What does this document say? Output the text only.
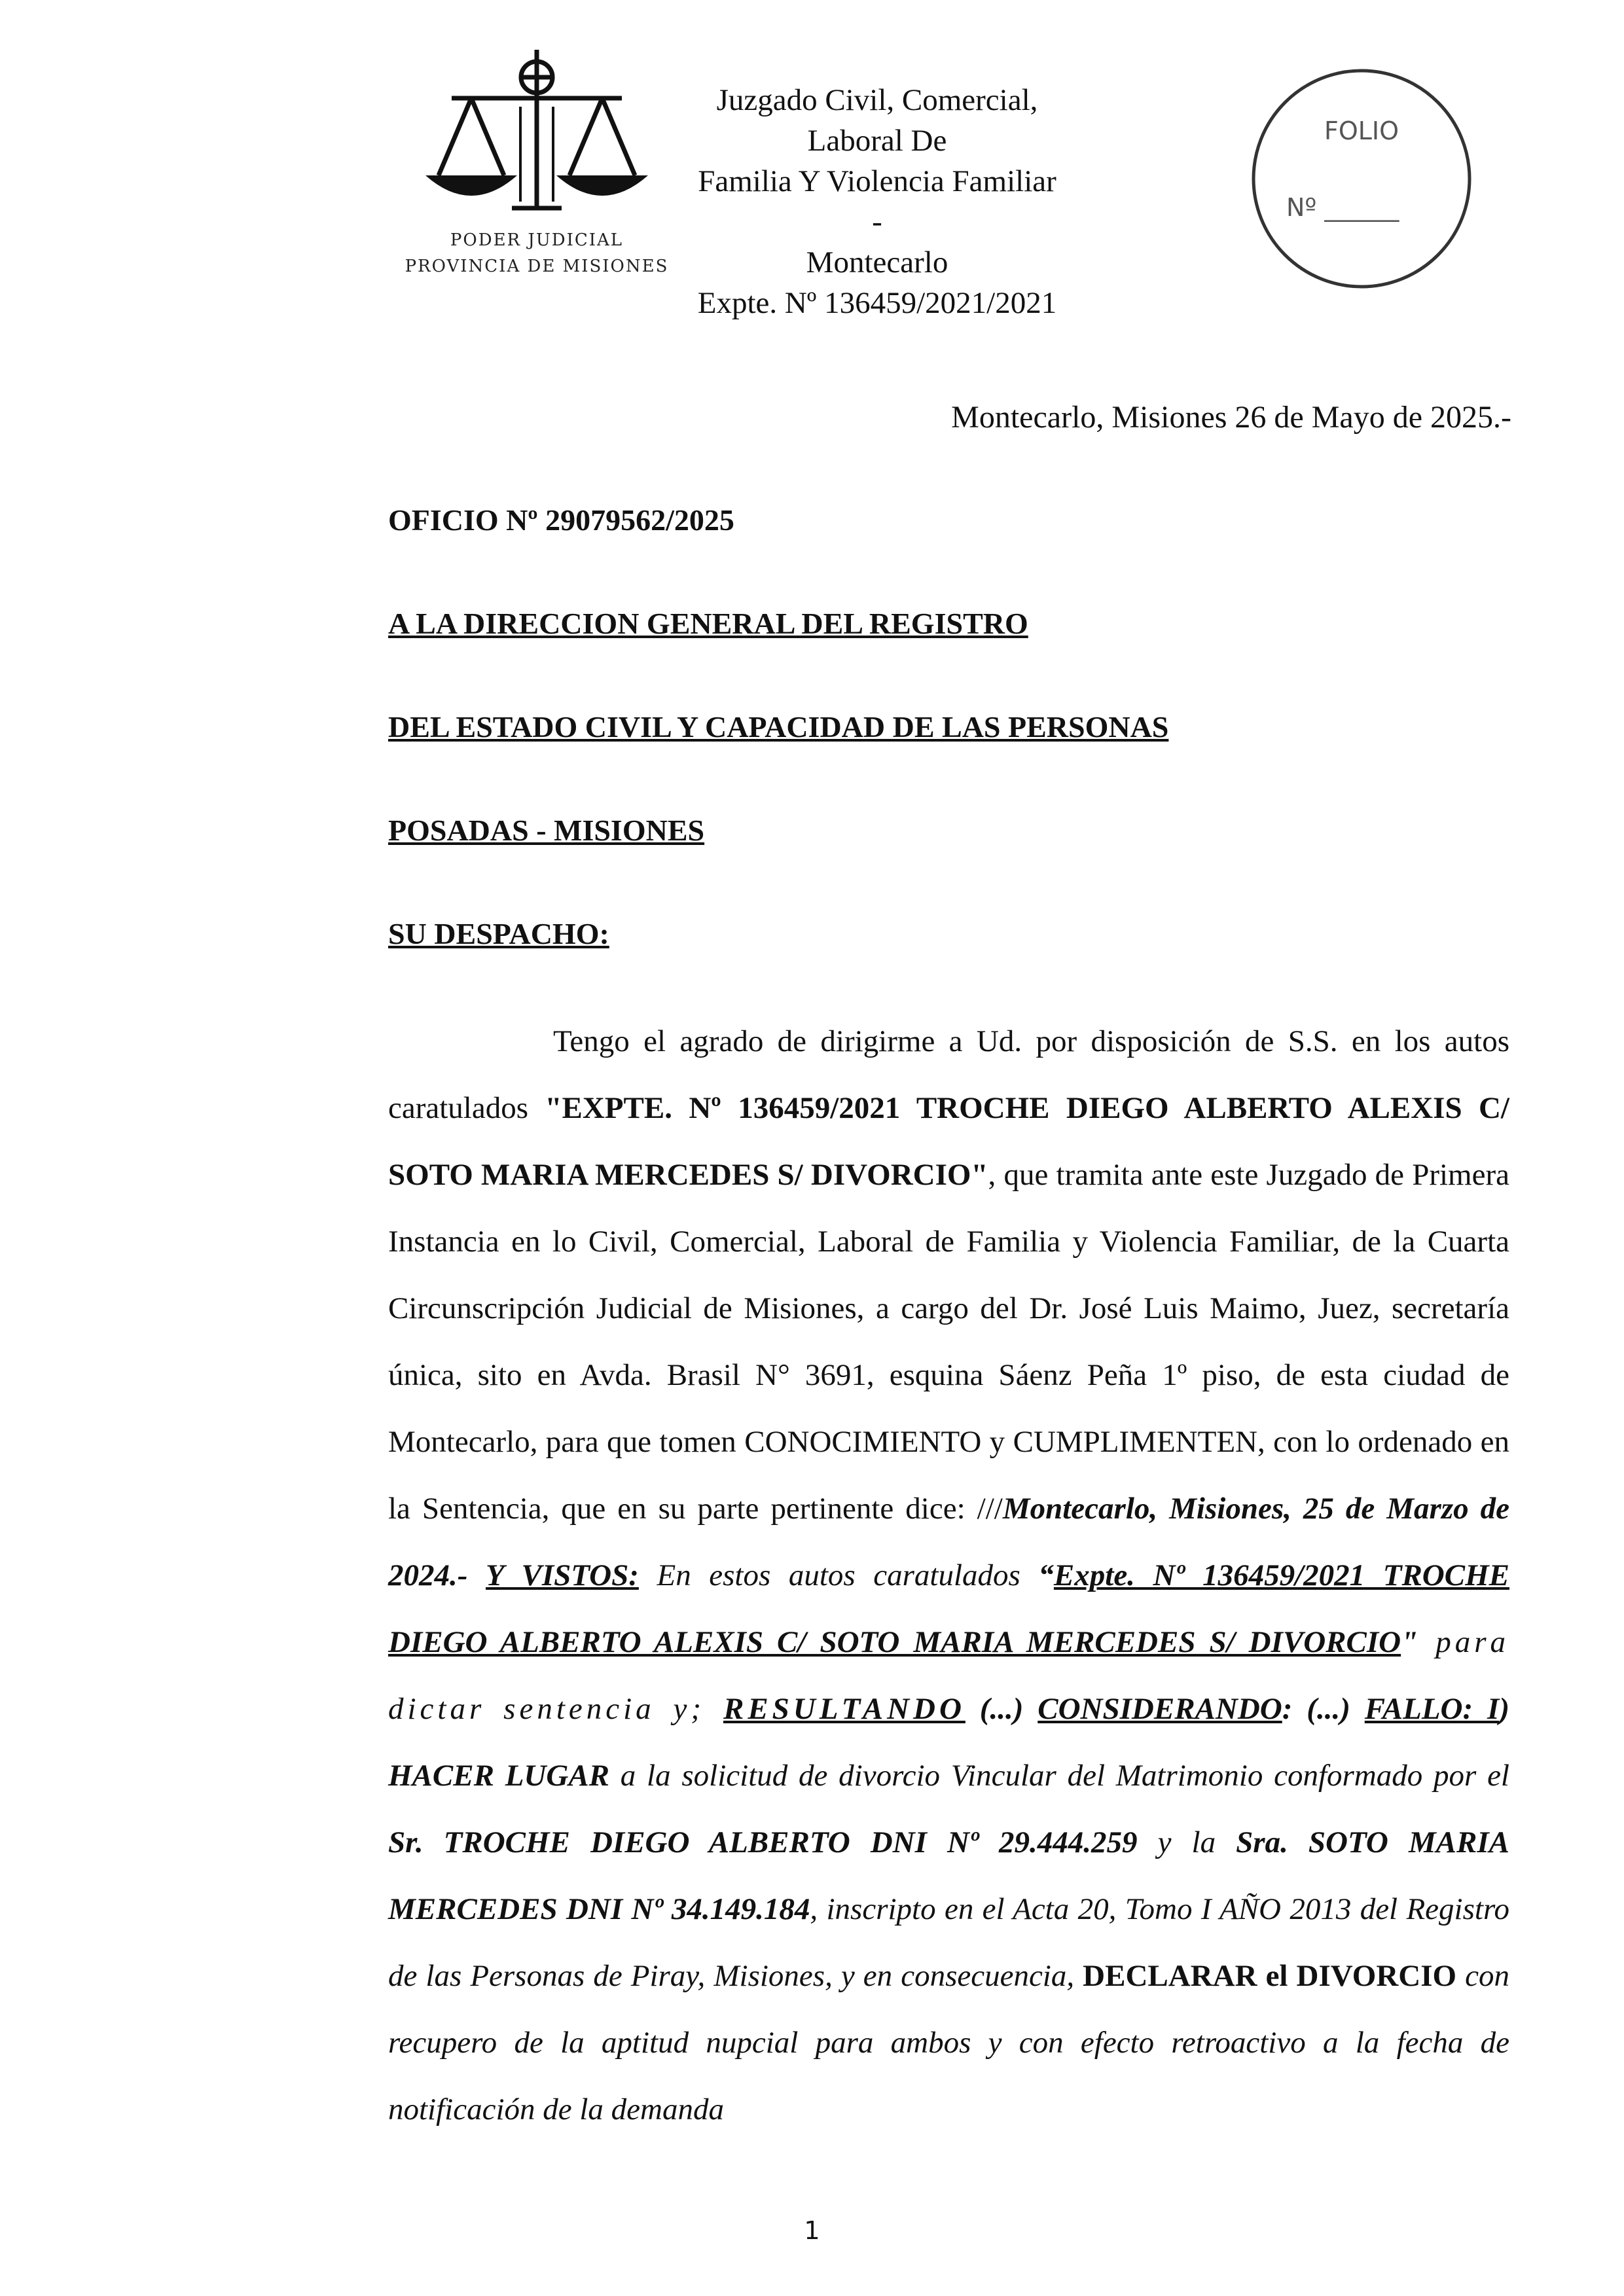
PODER JUDICIAL
PROVINCIA DE MISIONES
Juzgado Civil, Comercial, Laboral De
Familia Y Violencia Familiar -
Montecarlo
Expte. Nº 136459/2021/2021
FOLIO
Nº ______
Montecarlo, Misiones 26 de Mayo de 2025.-
OFICIO Nº 29079562/2025
A LA DIRECCION GENERAL DEL REGISTRO
DEL ESTADO CIVIL Y CAPACIDAD DE LAS PERSONAS
POSADAS - MISIONES
SU DESPACHO:

Tengo el agrado de dirigirme a Ud. por disposición de S.S. en los autos caratulados "EXPTE. Nº 136459/2021 TROCHE DIEGO ALBERTO ALEXIS C/ SOTO MARIA MERCEDES S/ DIVORCIO", que tramita ante este Juzgado de Primera Instancia en lo Civil, Comercial, Laboral de Familia y Violencia Familiar, de la Cuarta Circunscripción Judicial de Misiones, a cargo del Dr. José Luis Maimo, Juez, secretaría única, sito en Avda. Brasil N° 3691, esquina Sáenz Peña 1º piso, de esta ciudad de Montecarlo, para que tomen CONOCIMIENTO y CUMPLIMENTEN, con lo ordenado en la Sentencia, que en su parte pertinente dice: ///Montecarlo, Misiones, 25 de Marzo de 2024.- Y VISTOS: En estos autos caratulados “Expte. Nº 136459/2021 TROCHE DIEGO ALBERTO ALEXIS C/ SOTO MARIA MERCEDES S/ DIVORCIO" para dictar sentencia y; RESULTANDO (...) CONSIDERANDO: (...) FALLO: I) HACER LUGAR a la solicitud de divorcio Vincular del Matrimonio conformado por el Sr. TROCHE DIEGO ALBERTO DNI Nº 29.444.259 y la Sra. SOTO MARIA MERCEDES DNI Nº 34.149.184, inscripto en el Acta 20, Tomo I AÑO 2013 del Registro de las Personas de Piray, Misiones, y en consecuencia, DECLARAR el DIVORCIO con recupero de la aptitud nupcial para ambos y con efecto retroactivo a la fecha de notificación de la demanda

1
